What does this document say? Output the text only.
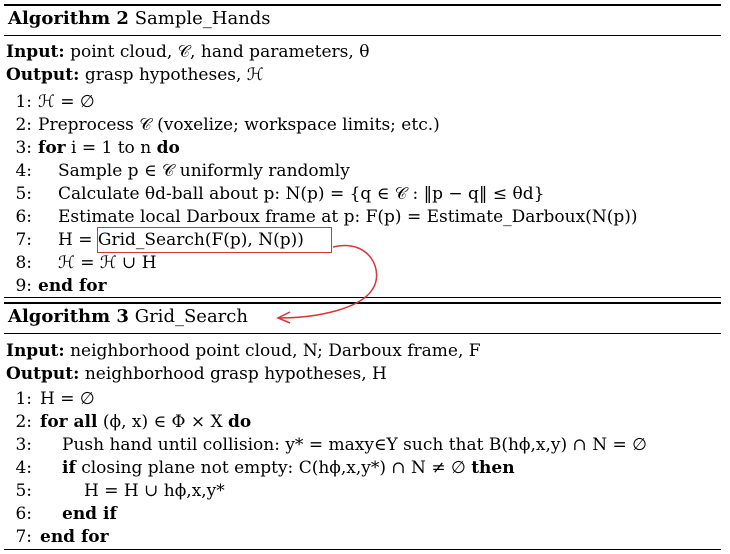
Algorithm 2 Sample_Hands
Input: point cloud, 𝒞, hand parameters, θ
Output: grasp hypotheses, ℋ
1: ℋ = ∅
2: Preprocess 𝒞 (voxelize; workspace limits; etc.)
3: for i = 1 to n do
4: Sample p ∈ 𝒞 uniformly randomly
5: Calculate θd-ball about p: N(p) = {q ∈ 𝒞 : ‖p − q‖ ≤ θd}
6: Estimate local Darboux frame at p: F(p) = Estimate_Darboux(N(p))
7: H = Grid_Search(F(p), N(p))
8: ℋ = ℋ ∪ H
9: end for
Algorithm 3 Grid_Search
Input: neighborhood point cloud, N; Darboux frame, F
Output: neighborhood grasp hypotheses, H
1: H = ∅
2: for all (ϕ, x) ∈ Φ × X do
3: Push hand until collision: y* = maxy∈Y such that B(hϕ,x,y) ∩ N = ∅
4: if closing plane not empty: C(hϕ,x,y*) ∩ N ≠ ∅ then
5:	H = H ∪ hϕ,x,y*
6: end if
7: end for
